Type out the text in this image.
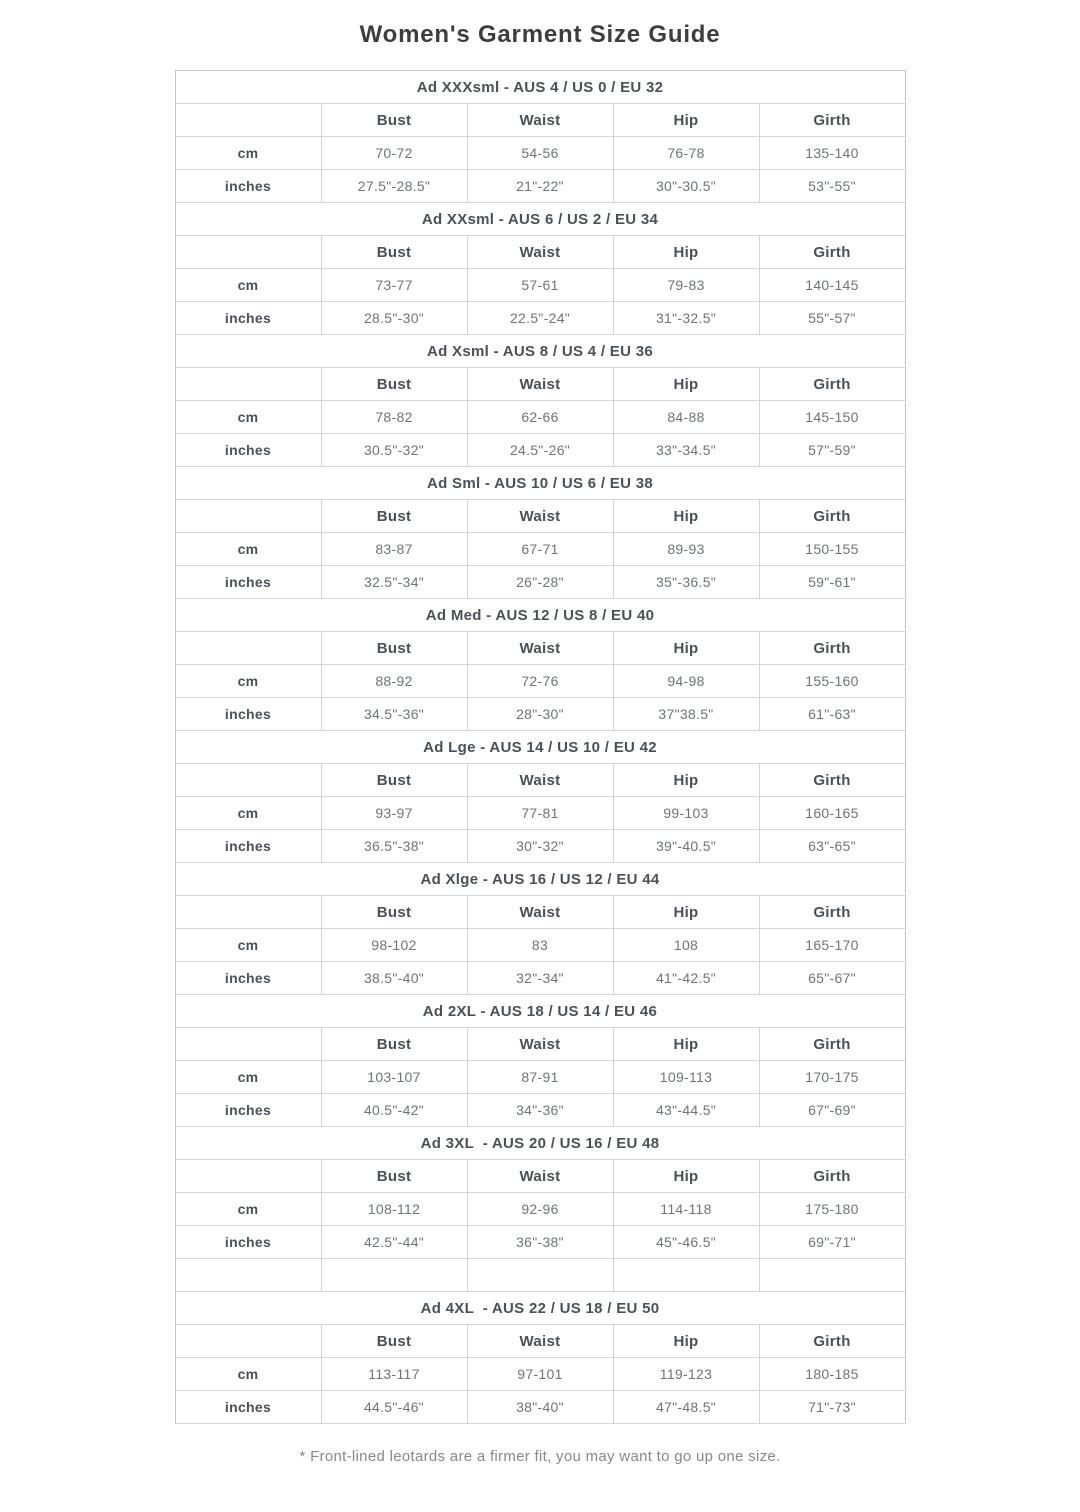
Women's Garment Size Guide
Ad XXXsml - AUS 4 / US 0 / EU 32
Bust	Waist	Hip	Girth
cm	70-72	54-56	76-78	135-140
inches	27.5"-28.5"	21"-22"	30"-30.5"	53"-55"
Ad XXsml - AUS 6 / US 2 / EU 34
Bust	Waist	Hip	Girth
cm	73-77	57-61	79-83	140-145
inches	28.5"-30"	22.5"-24"	31"-32.5"	55"-57"
Ad Xsml - AUS 8 / US 4 / EU 36
Bust	Waist	Hip	Girth
cm	78-82	62-66	84-88	145-150
inches	30.5"-32"	24.5"-26"	33"-34.5"	57"-59"
Ad Sml - AUS 10 / US 6 / EU 38
Bust	Waist	Hip	Girth
cm	83-87	67-71	89-93	150-155
inches	32.5"-34"	26"-28"	35"-36.5"	59"-61"
Ad Med - AUS 12 / US 8 / EU 40
Bust	Waist	Hip	Girth
cm	88-92	72-76	94-98	155-160
inches	34.5"-36"	28"-30"	37"38.5"	61"-63"
Ad Lge - AUS 14 / US 10 / EU 42
Bust	Waist	Hip	Girth
cm	93-97	77-81	99-103	160-165
inches	36.5"-38"	30"-32"	39"-40.5"	63"-65"
Ad Xlge - AUS 16 / US 12 / EU 44
Bust	Waist	Hip	Girth
cm	98-102	83	108	165-170
inches	38.5"-40"	32"-34"	41"-42.5"	65"-67"
Ad 2XL - AUS 18 / US 14 / EU 46
Bust	Waist	Hip	Girth
cm	103-107	87-91	109-113	170-175
inches	40.5"-42"	34"-36"	43"-44.5"	67"-69"
Ad 3XL  - AUS 20 / US 16 / EU 48
Bust	Waist	Hip	Girth
cm	108-112	92-96	114-118	175-180
inches	42.5"-44"	36"-38"	45"-46.5"	69"-71"
Ad 4XL  - AUS 22 / US 18 / EU 50
Bust	Waist	Hip	Girth
cm	113-117	97-101	119-123	180-185
inches	44.5"-46"	38"-40"	47"-48.5"	71"-73"

* Front-lined leotards are a firmer fit, you may want to go up one size.
